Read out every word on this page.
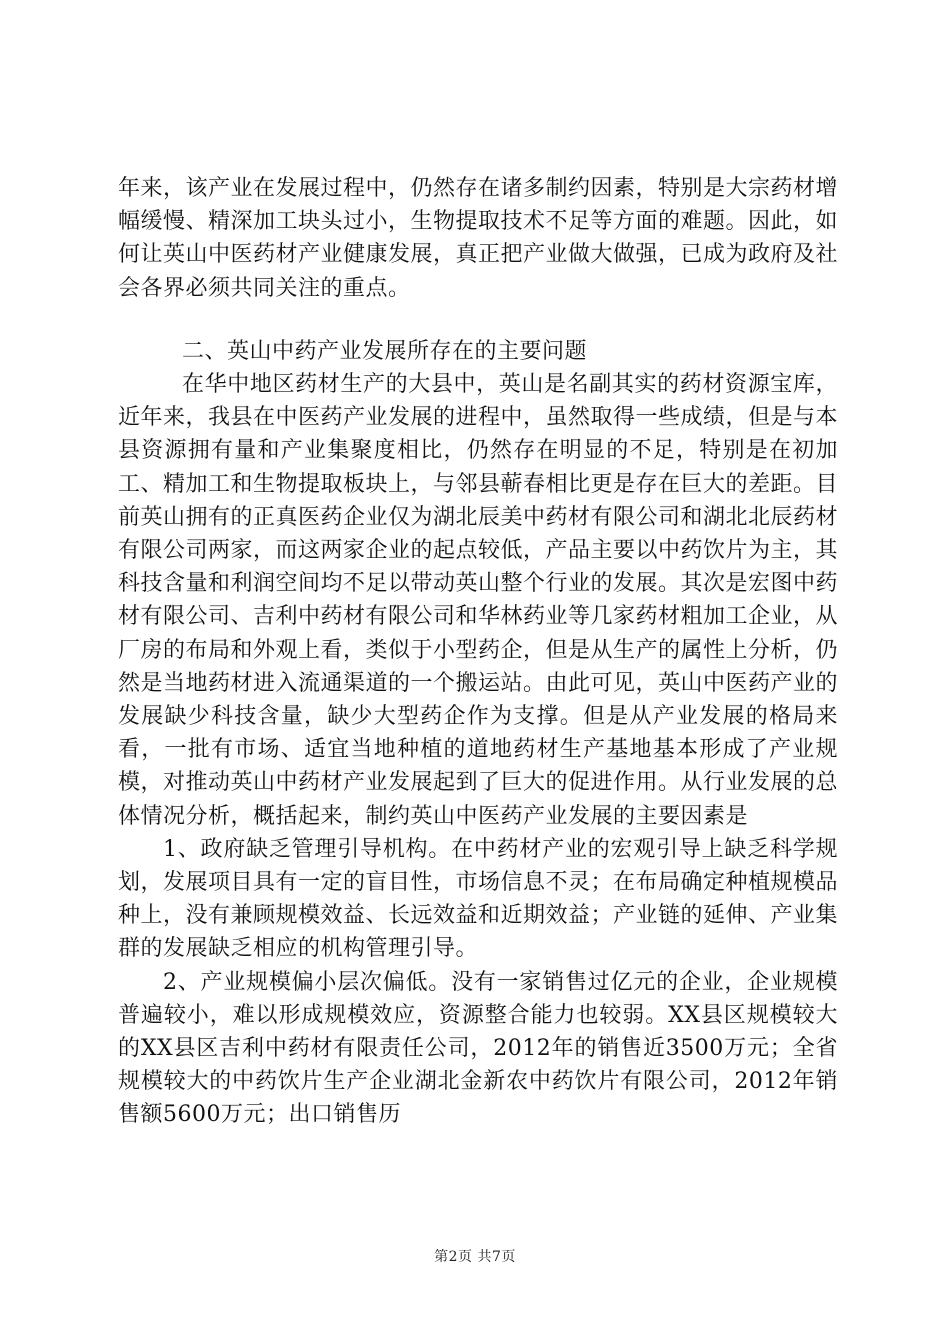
年来，该产业在发展过程中，仍然存在诸多制约因素，特别是大宗药材增幅缓慢、精深加工块头过小，生物提取技术不足等方面的难题。因此，如何让英山中医药材产业健康发展，真正把产业做大做强，已成为政府及社会各界必须共同关注的重点。

二、英山中药产业发展所存在的主要问题

在华中地区药材生产的大县中，英山是名副其实的药材资源宝库，近年来，我县在中医药产业发展的进程中，虽然取得一些成绩，但是与本县资源拥有量和产业集聚度相比，仍然存在明显的不足，特别是在初加工、精加工和生物提取板块上，与邻县蕲春相比更是存在巨大的差距。目前英山拥有的正真医药企业仅为湖北辰美中药材有限公司和湖北北辰药材有限公司两家，而这两家企业的起点较低，产品主要以中药饮片为主，其科技含量和利润空间均不足以带动英山整个行业的发展。其次是宏图中药材有限公司、吉利中药材有限公司和华林药业等几家药材粗加工企业，从厂房的布局和外观上看，类似于小型药企，但是从生产的属性上分析，仍然是当地药材进入流通渠道的一个搬运站。由此可见，英山中医药产业的发展缺少科技含量，缺少大型药企作为支撑。但是从产业发展的格局来看，一批有市场、适宜当地种植的道地药材生产基地基本形成了产业规模，对推动英山中药材产业发展起到了巨大的促进作用。从行业发展的总体情况分析，概括起来，制约英山中医药产业发展的主要因素是

1、政府缺乏管理引导机构。在中药材产业的宏观引导上缺乏科学规划，发展项目具有一定的盲目性，市场信息不灵；在布局确定种植规模品种上，没有兼顾规模效益、长远效益和近期效益；产业链的延伸、产业集群的发展缺乏相应的机构管理引导。

2、产业规模偏小层次偏低。没有一家销售过亿元的企业，企业规模普遍较小，难以形成规模效应，资源整合能力也较弱。XX县区规模较大的XX县区吉利中药材有限责任公司，2012年的销售近3500万元；全省规模较大的中药饮片生产企业湖北金新农中药饮片有限公司，2012年销售额5600万元；出口销售历

第2页 共7页
